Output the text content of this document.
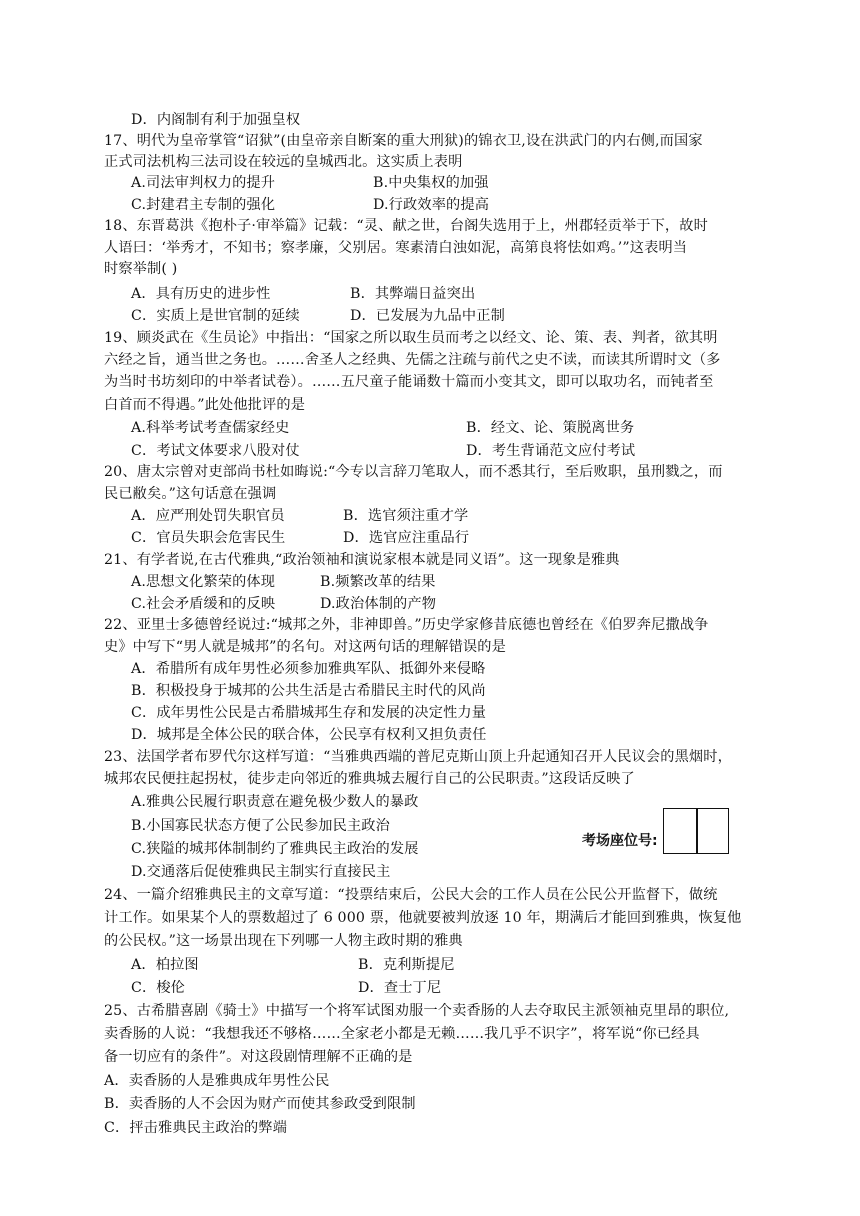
D．内阁制有利于加强皇权
17、明代为皇帝掌管“诏狱”(由皇帝亲自断案的重大刑狱)的锦衣卫,设在洪武门的内右侧,而国家
正式司法机构三法司设在较远的皇城西北。这实质上表明
A.司法审判权力的提升	B.中央集权的加强
C.封建君主专制的强化	D.行政效率的提高
18、东晋葛洪《抱朴子·审举篇》记载：“灵、献之世，台阁失选用于上，州郡轻贡举于下，故时
人语曰：‘举秀才，不知书；察孝廉，父别居。寒素清白浊如泥，高第良将怯如鸡。’”这表明当
时察举制( )
A．具有历史的进步性	B．其弊端日益突出
C．实质上是世官制的延续	D．已发展为九品中正制
19、顾炎武在《生员论》中指出：“国家之所以取生员而考之以经文、论、策、表、判者，欲其明
六经之旨，通当世之务也。……舍圣人之经典、先儒之注疏与前代之史不读，而读其所谓时文（多
为当时书坊刻印的中举者试卷）。……五尺童子能诵数十篇而小变其文，即可以取功名，而钝者至
白首而不得遇。”此处他批评的是
A.科举考试考查儒家经史	B．经文、论、策脱离世务
C．考试文体要求八股对仗	D．考生背诵范文应付考试
20、唐太宗曾对吏部尚书杜如晦说:“今专以言辞刀笔取人，而不悉其行，至后败职，虽刑戮之，而
民已敝矣。”这句话意在强调
A．应严刑处罚失职官员	B．选官须注重才学
C．官员失职会危害民生	D．选官应注重品行
21、有学者说,在古代雅典,“政治领袖和演说家根本就是同义语”。这一现象是雅典
A.思想文化繁荣的体现	B.频繁改革的结果
C.社会矛盾缓和的反映	D.政治体制的产物
22、亚里士多德曾经说过:“城邦之外，非神即兽。”历史学家修昔底德也曾经在《伯罗奔尼撒战争
史》中写下“男人就是城邦”的名句。对这两句话的理解错误的是
A．希腊所有成年男性必须参加雅典军队、抵御外来侵略
B．积极投身于城邦的公共生活是古希腊民主时代的风尚
C．成年男性公民是古希腊城邦生存和发展的决定性力量
D．城邦是全体公民的联合体，公民享有权利又担负责任
23、法国学者布罗代尔这样写道：“当雅典西端的普尼克斯山顶上升起通知召开人民议会的黑烟时，
城邦农民便拄起拐杖，徒步走向邻近的雅典城去履行自己的公民职责。”这段话反映了
A.雅典公民履行职责意在避免极少数人的暴政
B.小国寡民状态方便了公民参加民主政治
C.狭隘的城邦体制制约了雅典民主政治的发展
D.交通落后促使雅典民主制实行直接民主
考场座位号:
24、一篇介绍雅典民主的文章写道：“投票结束后，公民大会的工作人员在公民公开监督下，做统
计工作。如果某个人的票数超过了 6 000 票，他就要被判放逐 10 年，期满后才能回到雅典，恢复他
的公民权。”这一场景出现在下列哪一人物主政时期的雅典
A．柏拉图	B．克利斯提尼
C．梭伦	D．查士丁尼
25、古希腊喜剧《骑士》中描写一个将军试图劝服一个卖香肠的人去夺取民主派领袖克里昂的职位,
卖香肠的人说：“我想我还不够格……全家老小都是无赖……我几乎不识字”，将军说“你已经具
备一切应有的条件”。对这段剧情理解不正确的是
A．卖香肠的人是雅典成年男性公民
B．卖香肠的人不会因为财产而使其参政受到限制
C．抨击雅典民主政治的弊端
